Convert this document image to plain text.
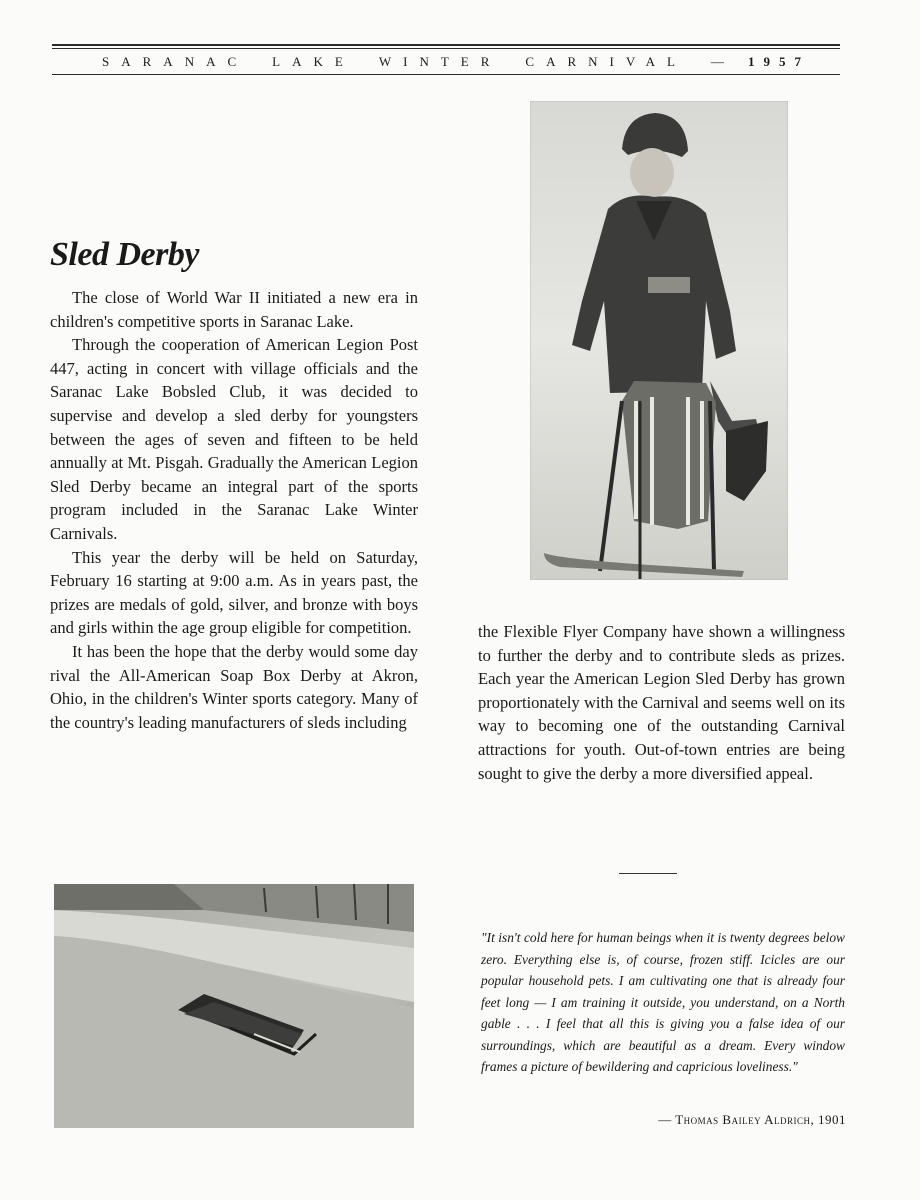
SARANAC LAKE WINTER CARNIVAL — 1957
Sled Derby

The close of World War II initiated a new era in children's competitive sports in Saranac Lake.

Through the cooperation of American Legion Post 447, acting in concert with village officials and the Saranac Lake Bobsled Club, it was decided to supervise and develop a sled derby for youngsters between the ages of seven and fifteen to be held annually at Mt. Pisgah. Gradually the American Legion Sled Derby became an integral part of the sports program included in the Saranac Lake Winter Carnivals.

This year the derby will be held on Saturday, February 16 starting at 9:00 a.m. As in years past, the prizes are medals of gold, silver, and bronze with boys and girls within the age group eligible for competition.

It has been the hope that the derby would some day rival the All-American Soap Box Derby at Akron, Ohio, in the children's Winter sports category. Many of the country's leading manufacturers of sleds including

the Flexible Flyer Company have shown a willingness to further the derby and to contribute sleds as prizes. Each year the American Legion Sled Derby has grown proportionately with the Carnival and seems well on its way to becoming one of the outstanding Carnival attractions for youth. Out-of-town entries are being sought to give the derby a more diversified appeal.

"It isn't cold here for human beings when it is twenty degrees below zero. Everything else is, of course, frozen stiff. Icicles are our popular household pets. I am cultivating one that is already four feet long — I am training it outside, you understand, on a North gable . . . I feel that all this is giving you a false idea of our surroundings, which are beautiful as a dream. Every window frames a picture of bewildering and capricious loveliness."
— Thomas Bailey Aldrich, 1901
